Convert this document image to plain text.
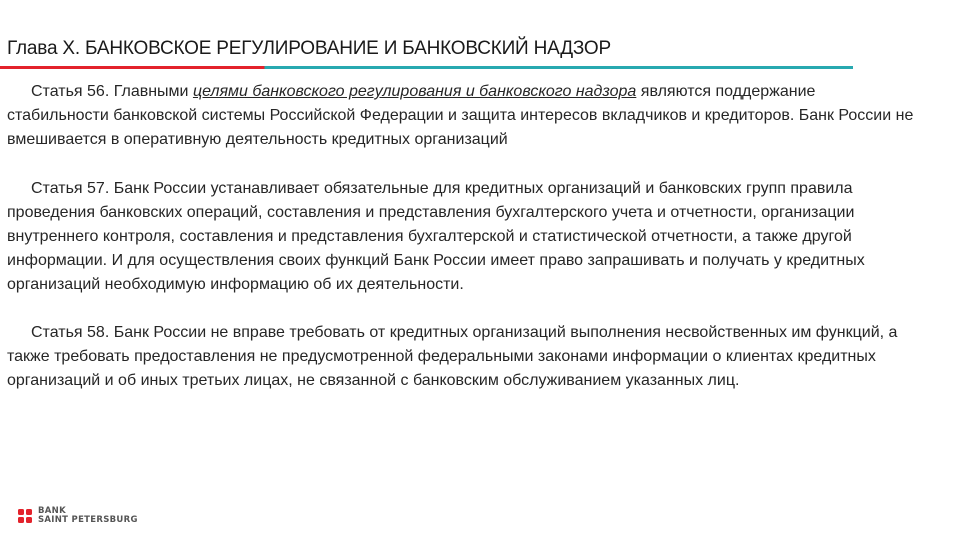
Глава X. БАНКОВСКОЕ РЕГУЛИРОВАНИЕ И БАНКОВСКИЙ НАДЗОР

Статья 56. Главными целями банковского регулирования и банковского надзора являются поддержание стабильности банковской системы Российской Федерации и защита интересов вкладчиков и кредиторов. Банк России не вмешивается в оперативную деятельность кредитных организаций

Статья 57. Банк России устанавливает обязательные для кредитных организаций и банковских групп правила проведения банковских операций, составления и представления бухгалтерского учета и отчетности, организации внутреннего контроля, составления и представления бухгалтерской и статистической отчетности, а также другой информации. И для осуществления своих функций Банк России имеет право запрашивать и получать у кредитных организаций необходимую информацию об их деятельности.

Статья 58. Банк России не вправе требовать от кредитных организаций выполнения несвойственных им функций, а также требовать предоставления не предусмотренной федеральными законами информации о клиентах кредитных организаций и об иных третьих лицах, не связанной с банковским обслуживанием указанных лиц.

BANK
SAINT PETERSBURG
